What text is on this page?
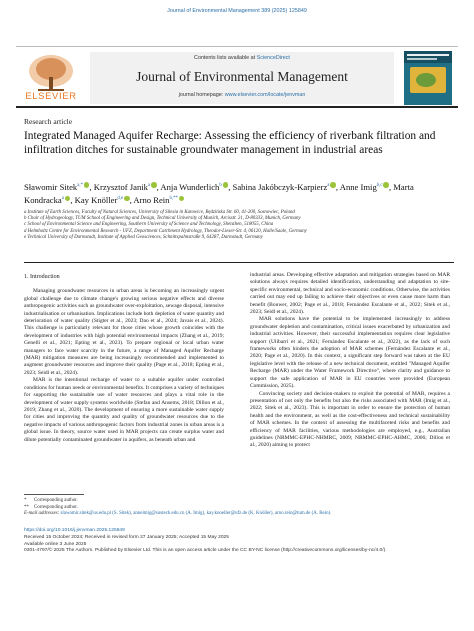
Journal of Environmental Management 389 (2025) 125849
ELSEVIER
Contents lists available at ScienceDirect
Journal of Environmental Management
journal homepage: www.elsevier.com/locate/jenvman
Research article
Integrated Managed Aquifer Recharge: Assessing the efficiency of riverbank filtration and infiltration ditches for sustainable groundwater management in industrial areas
Sławomir Sitek$^{a,*}$ , Krzysztof Janik$^a$ , Anja Wunderlich$^b$ , Sabina Jakóbczyk-Karpierz$^a$ , Anne Imig$^{b,c}$ , Marta Kondracka$^a$ , Kay Knöller$^{d,e}$ , Arno Rein$^{b,**}$
a Institute of Earth Sciences, Faculty of Natural Sciences, University of Silesia in Katowice, Będzińska Str. 60, 41-200, Sosnowiec, Poland
b Chair of Hydrogeology, TUM School of Engineering and Design, Technical University of Munich, Arcisstr. 21, D-80333, Munich, Germany
c School of Environmental Science and Engineering, Southern University of Science and Technology, Shenzhen, 518055, China
d Helmholtz Centre for Environmental Research - UFZ, Department Catchment Hydrology, Theodor-Lieser-Str. 4, 06120, Halle/Saale, Germany
e Technical University of Darmstadt, Institute of Applied Geosciences, Schnittspahnstraße 9, 64287, Darmstadt, Germany
1. Introduction

Managing groundwater resources in urban areas is becoming an increasingly urgent global challenge due to climate change's growing serious negative effects and diverse anthropogenic activities such as groundwater over-exploitation, sewage disposal, intensive industrialisation or urbanisation. Implications include both depletion of water quantity and deterioration of water quality (Stigter et al., 2023; Dao et al., 2024; Javais et al., 2024). This challenge is particularly relevant for those cities whose growth coincides with the development of industries with high potential environmental impacts (Zhang et al., 2019; Genelli et al., 2021; Epting et al., 2023). To prepare regional or local urban water managers to face water scarcity in the future, a range of Managed Aquifer Recharge (MAR) mitigation measures are being increasingly recommended and implemented to augment groundwater resources and improve their quality (Page et al., 2018; Epting et al., 2023; Seidl et al., 2024).

MAR is the intentional recharge of water to a suitable aquifer under controlled conditions for human needs or environmental benefits. It comprises a variety of techniques for supporting the sustainable use of water resources and plays a vital role in the development of water supply systems worldwide (Stefan and Ansems, 2018; Dillon et al., 2019; Zhang et al., 2020). The development of ensuring a more sustainable water supply for cities and improving the quantity and quality of groundwater resources due to the negative impacts of various anthropogenic factors from industrial zones in urban areas is a global issue. In theory, source water used in MAR projects can create surplus water and dilute potentially contaminated groundwater in aquifers, as beneath urban and

industrial areas. Developing effective adaptation and mitigation strategies based on MAR solutions always requires detailed identification, understanding and adaptation to site-specific environmental, technical and socio-economic conditions. Otherwise, the activities carried out may end up failing to achieve their objectives or even cause more harm than benefit (Bouwer, 2002; Page et al., 2018; Fernández Escalante et al., 2022; Sitek et al., 2023; Seidl et al., 2024).

MAR solutions have the potential to be implemented increasingly to address groundwater depletion and contamination, critical issues exacerbated by urbanization and industrial activities. However, their successful implementation requires clear legislative support (Ulibarri et al., 2021; Fernández Escalante et al., 2022), as the lack of such frameworks often hinders the adoption of MAR schemes (Fernández Escalante et al., 2020; Page et al., 2020). In this context, a significant step forward was taken at the EU legislative level with the release of a new technical document, entitled "Managed Aquifer Recharge (MAR) under the Water Framework Directive", where clarity and guidance to support the safe application of MAR in EU countries were provided (European Commission, 2025).

Convincing society and decision-makers to exploit the potential of MAR, requires a presentation of not only the benefits but also the risks associated with MAR (Imig et al., 2022; Sitek et al., 2023). This is important in order to ensure the protection of human health and the environment, as well as the cost-effectiveness and technical sustainability of MAR schemes. In the context of assessing the multifaceted risks and benefits and efficiency of MAR facilities, various methodologies are employed, e.g., Australian guidelines (NRMMC-EPHC-NHMRC, 2009; NRMMC-EPHC-AHMC, 2006; Dillon et al., 2020) aiming to protect

* Corresponding author.
** Corresponding author.
E-mail addresses: slawomir.sitek@us.edu.pl (S. Sitek), anneimig@sustech.edu.cn (A. Imig), kay.knoeller@ufz.de (K. Knöller), arno.rein@tum.de (A. Rein).
https://doi.org/10.1016/j.jenvman.2025.125849
Received 15 October 2024; Received in revised form 27 January 2025; Accepted 15 May 2025
Available online 3 June 2025
0301-4797/© 2025 The Authors. Published by Elsevier Ltd. This is an open access article under the CC BY-NC license (http://creativecommons.org/licenses/by-nc/4.0/).
